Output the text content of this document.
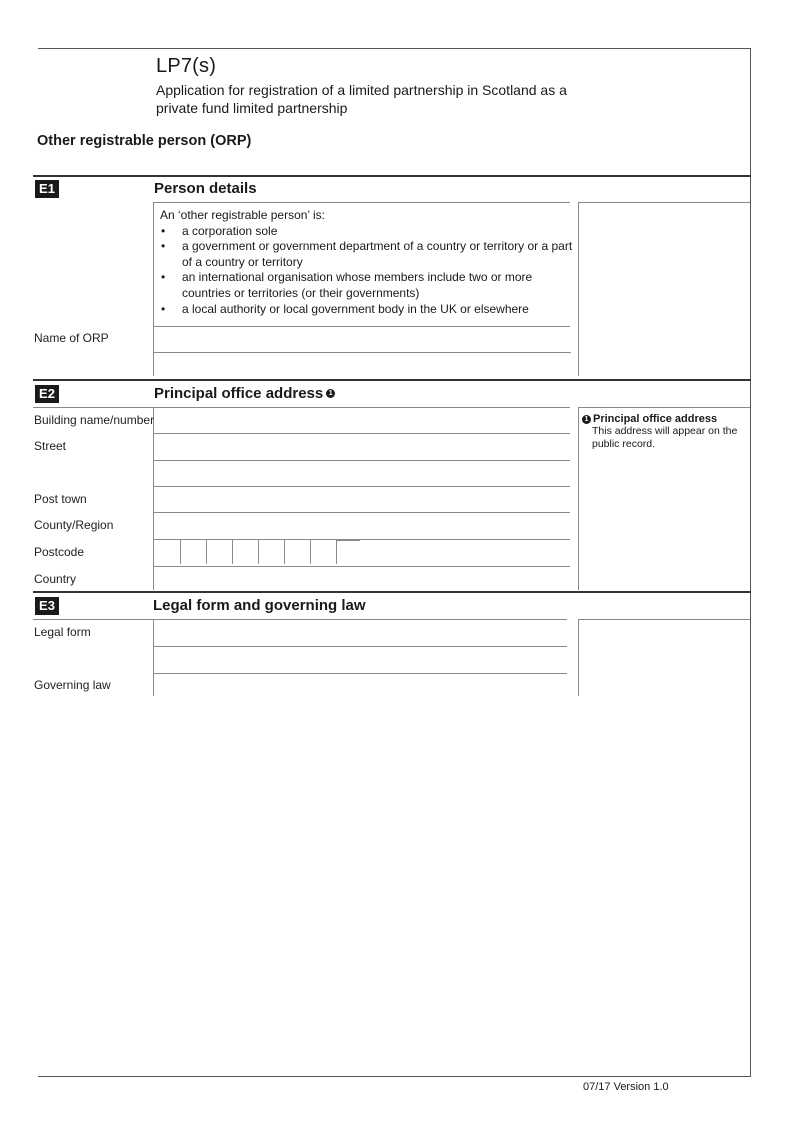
LP7(s)
Application for registration of a limited partnership in Scotland as a private fund limited partnership
Other registrable person (ORP)
E1	Person details
An ‘other registrable person’ is:
• a corporation sole
• a government or government department of a country or territory or a part of a country or territory
• an international organisation whose members include two or more countries or territories (or their governments)
• a local authority or local government body in the UK or elsewhere
Name of ORP
E2	Principal office address 1
Building name/number
Street
Post town
County/Region
Postcode
Country
1 Principal office address
This address will appear on the public record.
E3	Legal form and governing law
Legal form
Governing law
07/17 Version 1.0
